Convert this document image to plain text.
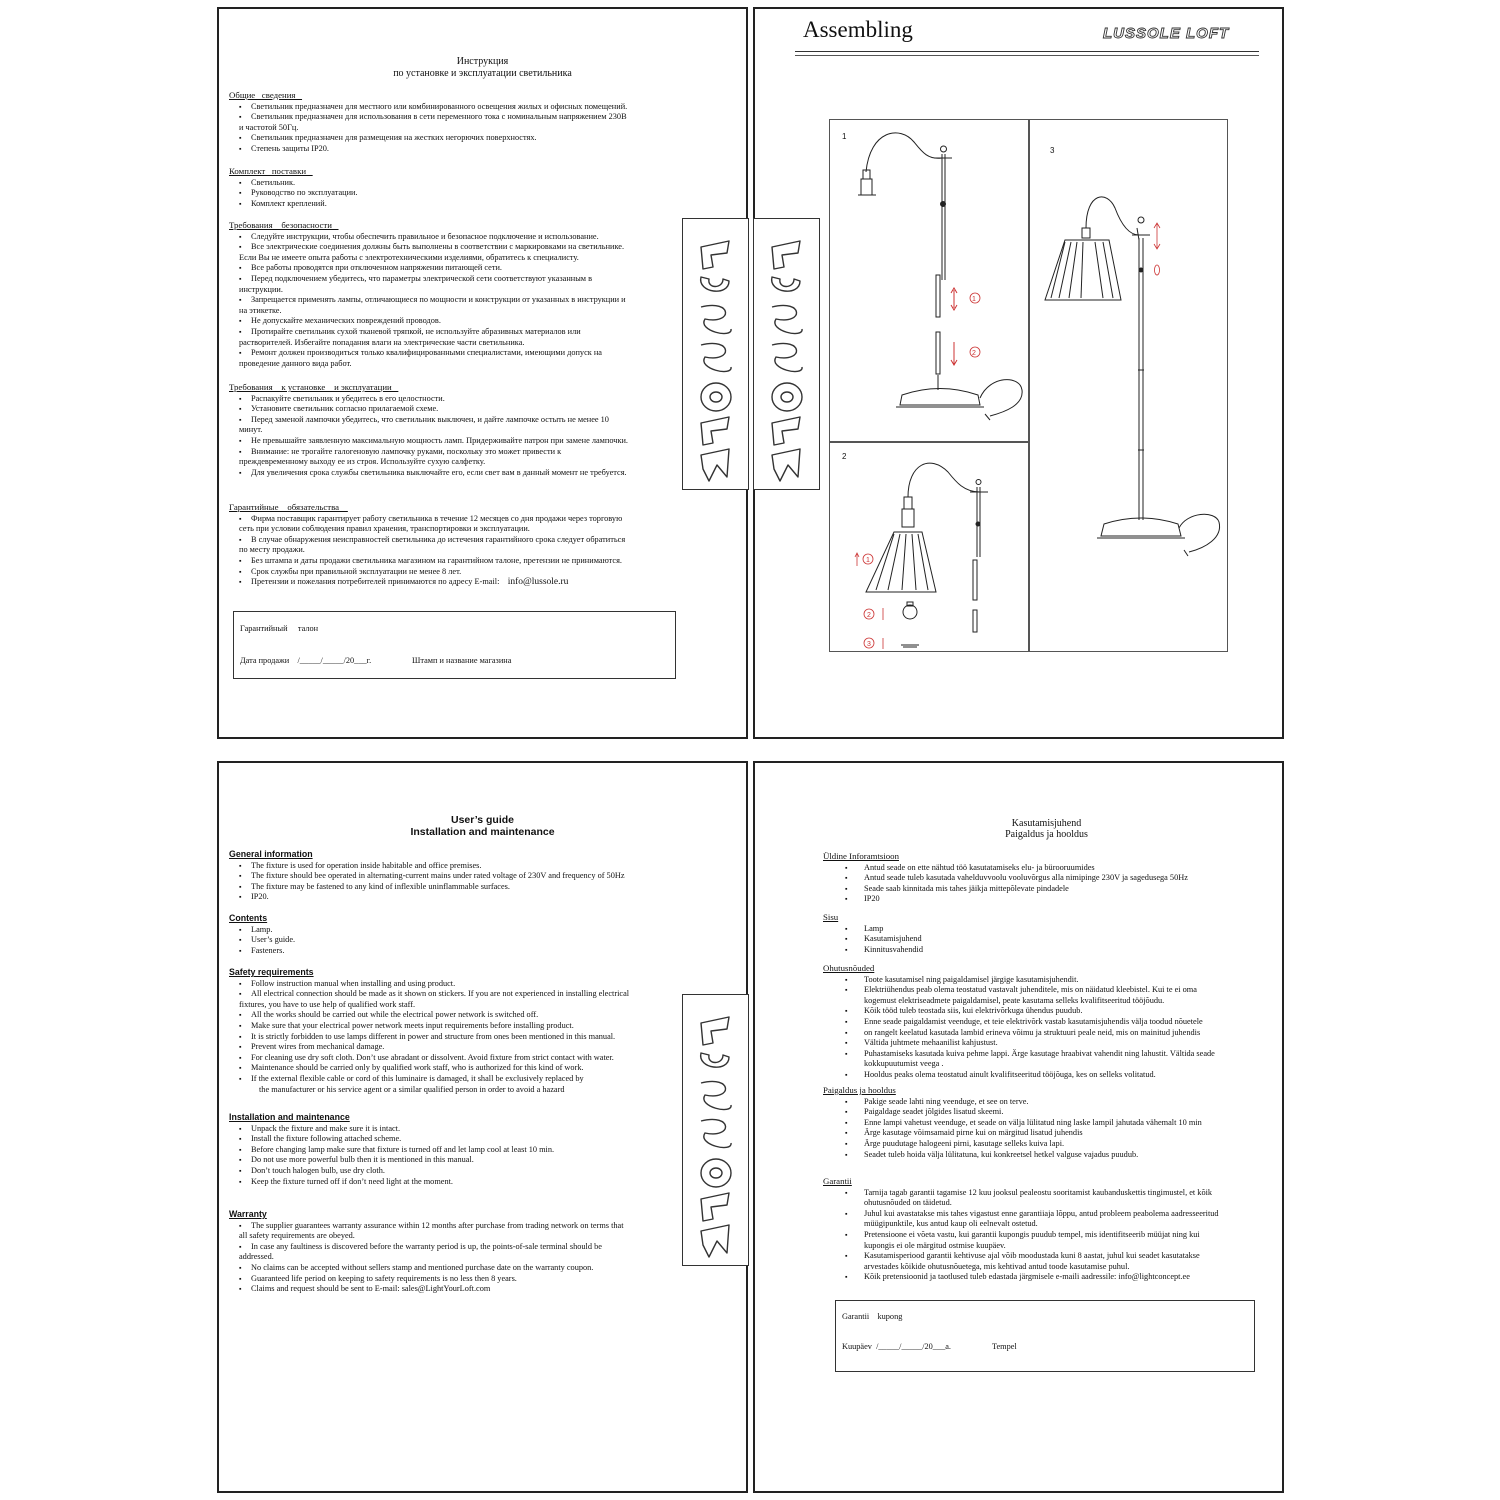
Инструкция
по установке и эксплуатации светильника
Общие   сведения
▪ Светильник предназначен для местного или комбинированного освещения жилых и офисных помещений.
▪ Светильник предназначен для использования в сети переменного тока с номинальным напряжением 230В
и частотой 50Гц.
▪ Светильник предназначен для размещения на жестких негорючих поверхностях.
▪ Степень защиты IP20.
Комплект   поставки
▪ Светильник.
▪ Руководство по эксплуатации.
▪ Комплект креплений.
Требования    безопасности
▪ Следуйте инструкции, чтобы обеспечить правильное и безопасное подключение и использование.
▪ Все электрические соединения должны быть выполнены в соответствии с маркировками на светильнике.
Если Вы не имеете опыта работы с электротехническими изделиями, обратитесь к специалисту.
▪ Все работы проводятся при отключенном напряжении питающей сети.
▪ Перед подключением убедитесь, что параметры электрической сети соответствуют указанным в
инструкции.
▪ Запрещается применять лампы, отличающиеся по мощности и конструкции от указанных в инструкции и
на этикетке.
▪ Не допускайте механических повреждений проводов.
▪ Протирайте светильник сухой тканевой тряпкой, не используйте абразивных материалов или
растворителей. Избегайте попадания влаги на электрические части светильника.
▪ Ремонт должен производиться только квалифицированными специалистами, имеющими допуск на
проведение данного вида работ.
Требования    к установке    и эксплуатации
▪ Распакуйте светильник и убедитесь в его целостности.
▪ Установите светильник согласно прилагаемой схеме.
▪ Перед заменой лампочки убедитесь, что светильник выключен, и дайте лампочке остыть не менее 10
минут.
▪ Не превышайте заявленную максимальную мощность ламп. Придерживайте патрон при замене лампочки.
▪ Внимание: не трогайте галогеновую лампочку руками, поскольку это может привести к
преждевременному выходу ее из строя. Используйте сухую салфетку.
▪ Для увеличения срока службы светильника выключайте его, если свет вам в данный момент не требуется.
Гарантийные    обязательства
▪ Фирма поставщик гарантирует работу светильника в течение 12 месяцев со дня продажи через торговую
сеть при условии соблюдения правил хранения, транспортировки и эксплуатации.
▪ В случае обнаружения неисправностей светильника до истечения гарантийного срока следует обратиться
по месту продажи.
▪ Без штампа и даты продажи светильника магазином на гарантийном талоне, претензии не принимаются.
▪ Срок службы при правильной эксплуатации не менее 8 лет.
▪ Претензии и пожелания потребителей принимаются по адресу E-mail: info@lussole.ru
Гарантийный     талон
Дата продажи    /_____/_____/20___г.	Штамп и название магазина
Assembling	LUSSOLE LOFT
1
1
2
2
1
2
3
3
User’s guide
Installation and maintenance
General information
▪ The fixture is used for operation inside habitable and office premises.
▪ The fixture should bee operated in alternating-current mains under rated voltage of 230V and frequency of 50Hz
▪ The fixture may be fastened to any kind of inflexible uninflammable surfaces.
▪ IP20.
Contents
▪ Lamp.
▪ User’s guide.
▪ Fasteners.
Safety requirements
▪ Follow instruction manual when installing and using product.
▪ All electrical connection should be made as it shown on stickers. If you are not experienced in installing electrical
fixtures, you have to use help of qualified work staff.
▪ All the works should be carried out while the electrical power network is switched off.
▪ Make sure that your electrical power network meets input requirements before installing product.
▪ It is strictly forbidden to use lamps different in power and structure from ones been mentioned in this manual.
▪ Prevent wires from mechanical damage.
▪ For cleaning use dry soft cloth. Don’t use abradant or dissolvent. Avoid fixture from strict contact with water.
▪ Maintenance should be carried only by qualified work staff, who is authorized for this kind of work.
▪ If the external flexible cable or cord of this luminaire is damaged, it shall be exclusively replaced by
the manufacturer or his service agent or a similar qualified person in order to avoid a hazard
Installation and maintenance
▪ Unpack the fixture and make sure it is intact.
▪ Install the fixture following attached scheme.
▪ Before changing lamp make sure that fixture is turned off and let lamp cool at least 10 min.
▪ Do not use more powerful bulb then it is mentioned in this manual.
▪ Don’t touch halogen bulb, use dry cloth.
▪ Keep the fixture turned off if don’t need light at the moment.
Warranty
▪ The supplier guarantees warranty assurance within 12 months after purchase from trading network on terms that
all safety requirements are obeyed.
▪ In case any faultiness is discovered before the warranty period is up, the points-of-sale terminal should be
addressed.
▪ No claims can be accepted without sellers stamp and mentioned purchase date on the warranty coupon.
▪ Guaranteed life period on keeping to safety requirements is no less then 8 years.
▪ Claims and request should be sent to E-mail: sales@LightYourLoft.com
Kasutamisjuhend
Paigaldus ja hooldus
Üldine Inforamtsioon
▪ Antud seade on ette nähtud töö kasutatamiseks elu- ja bürooruumides
▪ Antud seade tuleb kasutada vahelduvvoolu vooluvõrgus alla nimipinge 230V ja sagedusega 50Hz
▪ Seade saab kinnitada mis tahes jäikja mittepõlevate pindadele
▪ IP20
Sisu
▪ Lamp
▪ Kasutamisjuhend
▪ Kinnitusvahendid
Ohutusnõuded
▪ Toote kasutamisel ning paigaldamisel järgige kasutamisjuhendit.
▪ Elektriühendus peab olema teostatud vastavalt juhenditele, mis on näidatud kleebistel. Kui te ei oma
kogemust elektriseadmete paigaldamisel, peate kasutama selleks kvalifitseeritud tööjõudu.
▪ Kõik tööd tuleb teostada siis, kui elektrivõrkuga ühendus puudub.
▪ Enne seade paigaldamist veenduge, et teie elektrivõrk vastab kasutamisjuhendis välja toodud nõuetele
▪ on rangelt keelatud kasutada lambid erineva võimu ja struktuuri peale neid, mis on mainitud juhendis
▪ Vältida juhtmete mehaanilist kahjustust.
▪ Puhastamiseks kasutada kuiva pehme lappi. Ärge kasutage hraabivat vahendit ning lahustit. Vältida seade
kokkupuutumist veega .
▪ Hooldus peaks olema teostatud ainult kvalifitseeritud tööjõuga, kes on selleks volitatud.
Paigaldus ja hooldus
▪ Pakige seade lahti ning veenduge, et see on terve.
▪ Paigaldage seadet jõlgides lisatud skeemi.
▪ Enne lampi vahetust veenduge, et seade on välja lülitatud ning laske lampil jahutada vähemalt 10 min
▪ Ärge kasutage võimsamaid pirne kui on märgitud lisatud juhendis
▪ Ärge puudutage halogeeni pirni, kasutage selleks kuiva lapi.
▪ Seadet tuleb hoida välja lülitatuna, kui konkreetsel hetkel valguse vajadus puudub.
Garantii
▪ Tarnija tagab garantii tagamise 12 kuu jooksul pealeostu sooritamist kaubanduskettis tingimustel, et kõik
ohutusnõuded on täidetud.
▪ Juhul kui avastatakse mis tahes vigastust enne garantiiaja lõppu, antud probleem peabolema aadresseeritud
müügipunktile, kus antud kaup oli eelnevalt ostetud.
▪ Pretensioone ei võeta vastu, kui garantii kupongis puudub tempel, mis identifitseerib müüjat ning kui
kupongis ei ole märgitud ostmise kuupäev.
▪ Kasutamisperiood garantii kehtivuse ajal võib moodustada kuni 8 aastat, juhul kui seadet kasutatakse
arvestades kõikide ohutusnõuetega, mis kehtivad antud toode kasutamise puhul.
▪ Kõik pretensioonid ja taotlused tuleb edastada järgmisele e-maili aadressile: info@lightconcept.ee
Garantii    kupong
Kuupäev  /_____/_____/20___a.	Tempel
